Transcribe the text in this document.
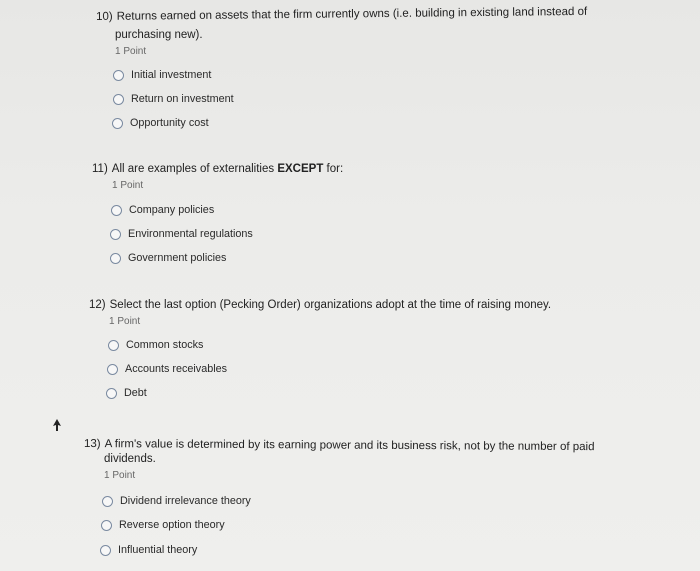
10) Returns earned on assets that the firm currently owns (i.e. building in existing land instead of
purchasing new).
1 Point
Initial investment
Return on investment
Opportunity cost
11) All are examples of externalities EXCEPT for:
1 Point
Company policies
Environmental regulations
Government policies
12) Select the last option (Pecking Order) organizations adopt at the time of raising money.
1 Point
Common stocks
Accounts receivables
Debt
13) A firm's value is determined by its earning power and its business risk, not by the number of paid
dividends.
1 Point
Dividend irrelevance theory
Reverse option theory
Influential theory
